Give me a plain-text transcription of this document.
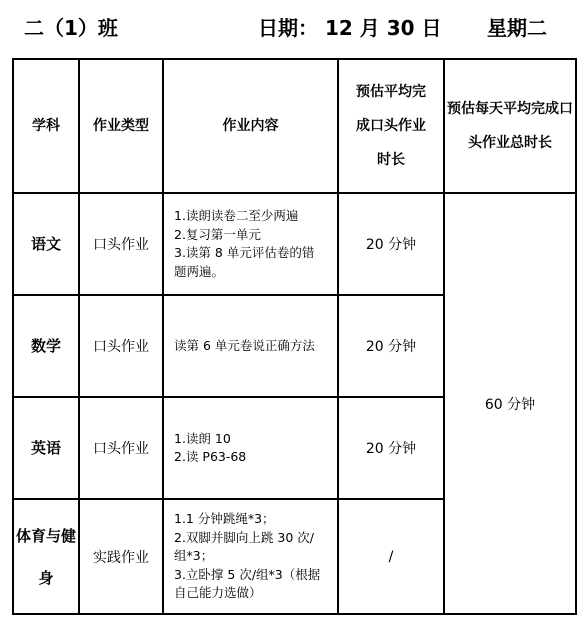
二（1）班	日期： 12 月 30 日 星期二
学科	作业类型	作业内容	预估平均完成口头作业时长	预估每天平均完成口头作业总时长
语文	口头作业	1.读朗读卷二至少两遍
2.复习第一单元
3.读第 8 单元评估卷的错
题两遍。	20 分钟	60 分钟
数学	口头作业	读第 6 单元卷说正确方法	20 分钟	
英语	口头作业	1.读朗 10
2.读 P63-68	20 分钟	
体育与健身	实践作业	1.1 分钟跳绳*3；
2.双脚并脚向上跳 30 次/
组*3；
3.立卧撑 5 次/组*3（根据
自己能力选做）	/	
